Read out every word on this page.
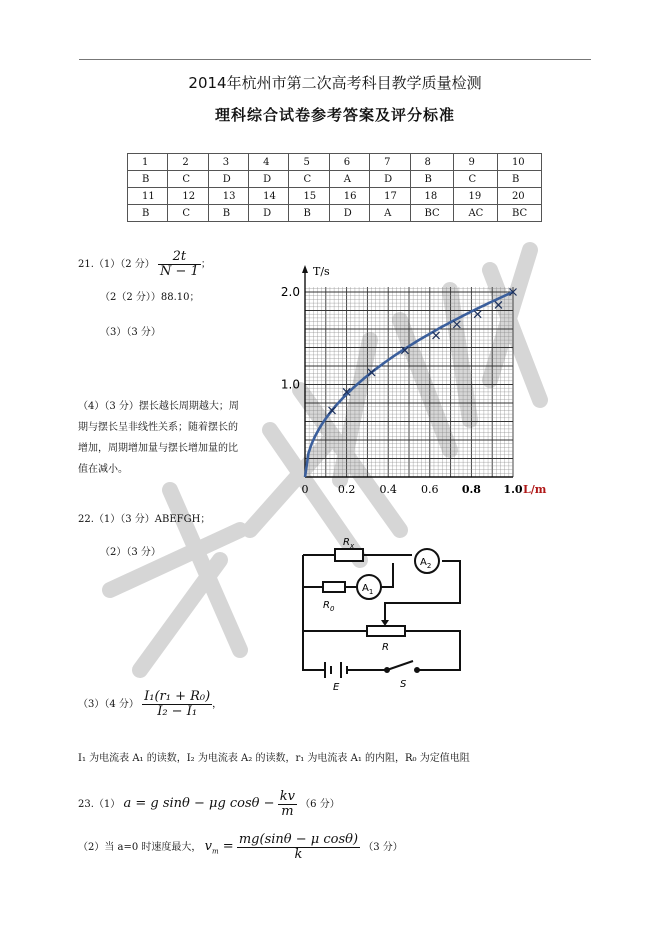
2014年杭州市第二次高考科目教学质量检测
理科综合试卷参考答案及评分标准
1	2	3	4	5	6	7	8	9	10
B	C	D	D	C	A	D	B	C	B
11	12	13	14	15	16	17	18	19	20
B	C	B	D	B	D	A	BC	AC	BC
21.（1）（2 分） $\frac{2t}{N - 1}$ ；
（2（2 分））88.10；
（3）（3 分）
（4）（3 分）摆长越长周期越大；周
期与摆长呈非线性关系；随着摆长的
增加，周期增加量与摆长增加量的比
值在减小。
0	0.2 0.4 0.6 0.8 1.0
1.0
2.0
T/s
L/m
22.（1）（3 分）ABEFGH；
（2）（3 分）
$R_x$
$A_2$
$R_0$
$A_1$
R
E	S
（3）（4 分） $\frac{\text{I₁(r₁ + R₀)}}{\text{I₂ − I₁}}$ ，
I₁ 为电流表 A₁ 的读数，I₂ 为电流表 A₂ 的读数，r₁ 为电流表 A₁ 的内阻，R₀ 为定值电阻
23.（1） a = g sinθ − μg $\cos\theta - \frac{kv}{m} (6$ 分）
（2）当 a=0 时速度最大， $v_m = \frac{\text{mg(sinθ − μ cosθ)}}{k} (3$ 分）
